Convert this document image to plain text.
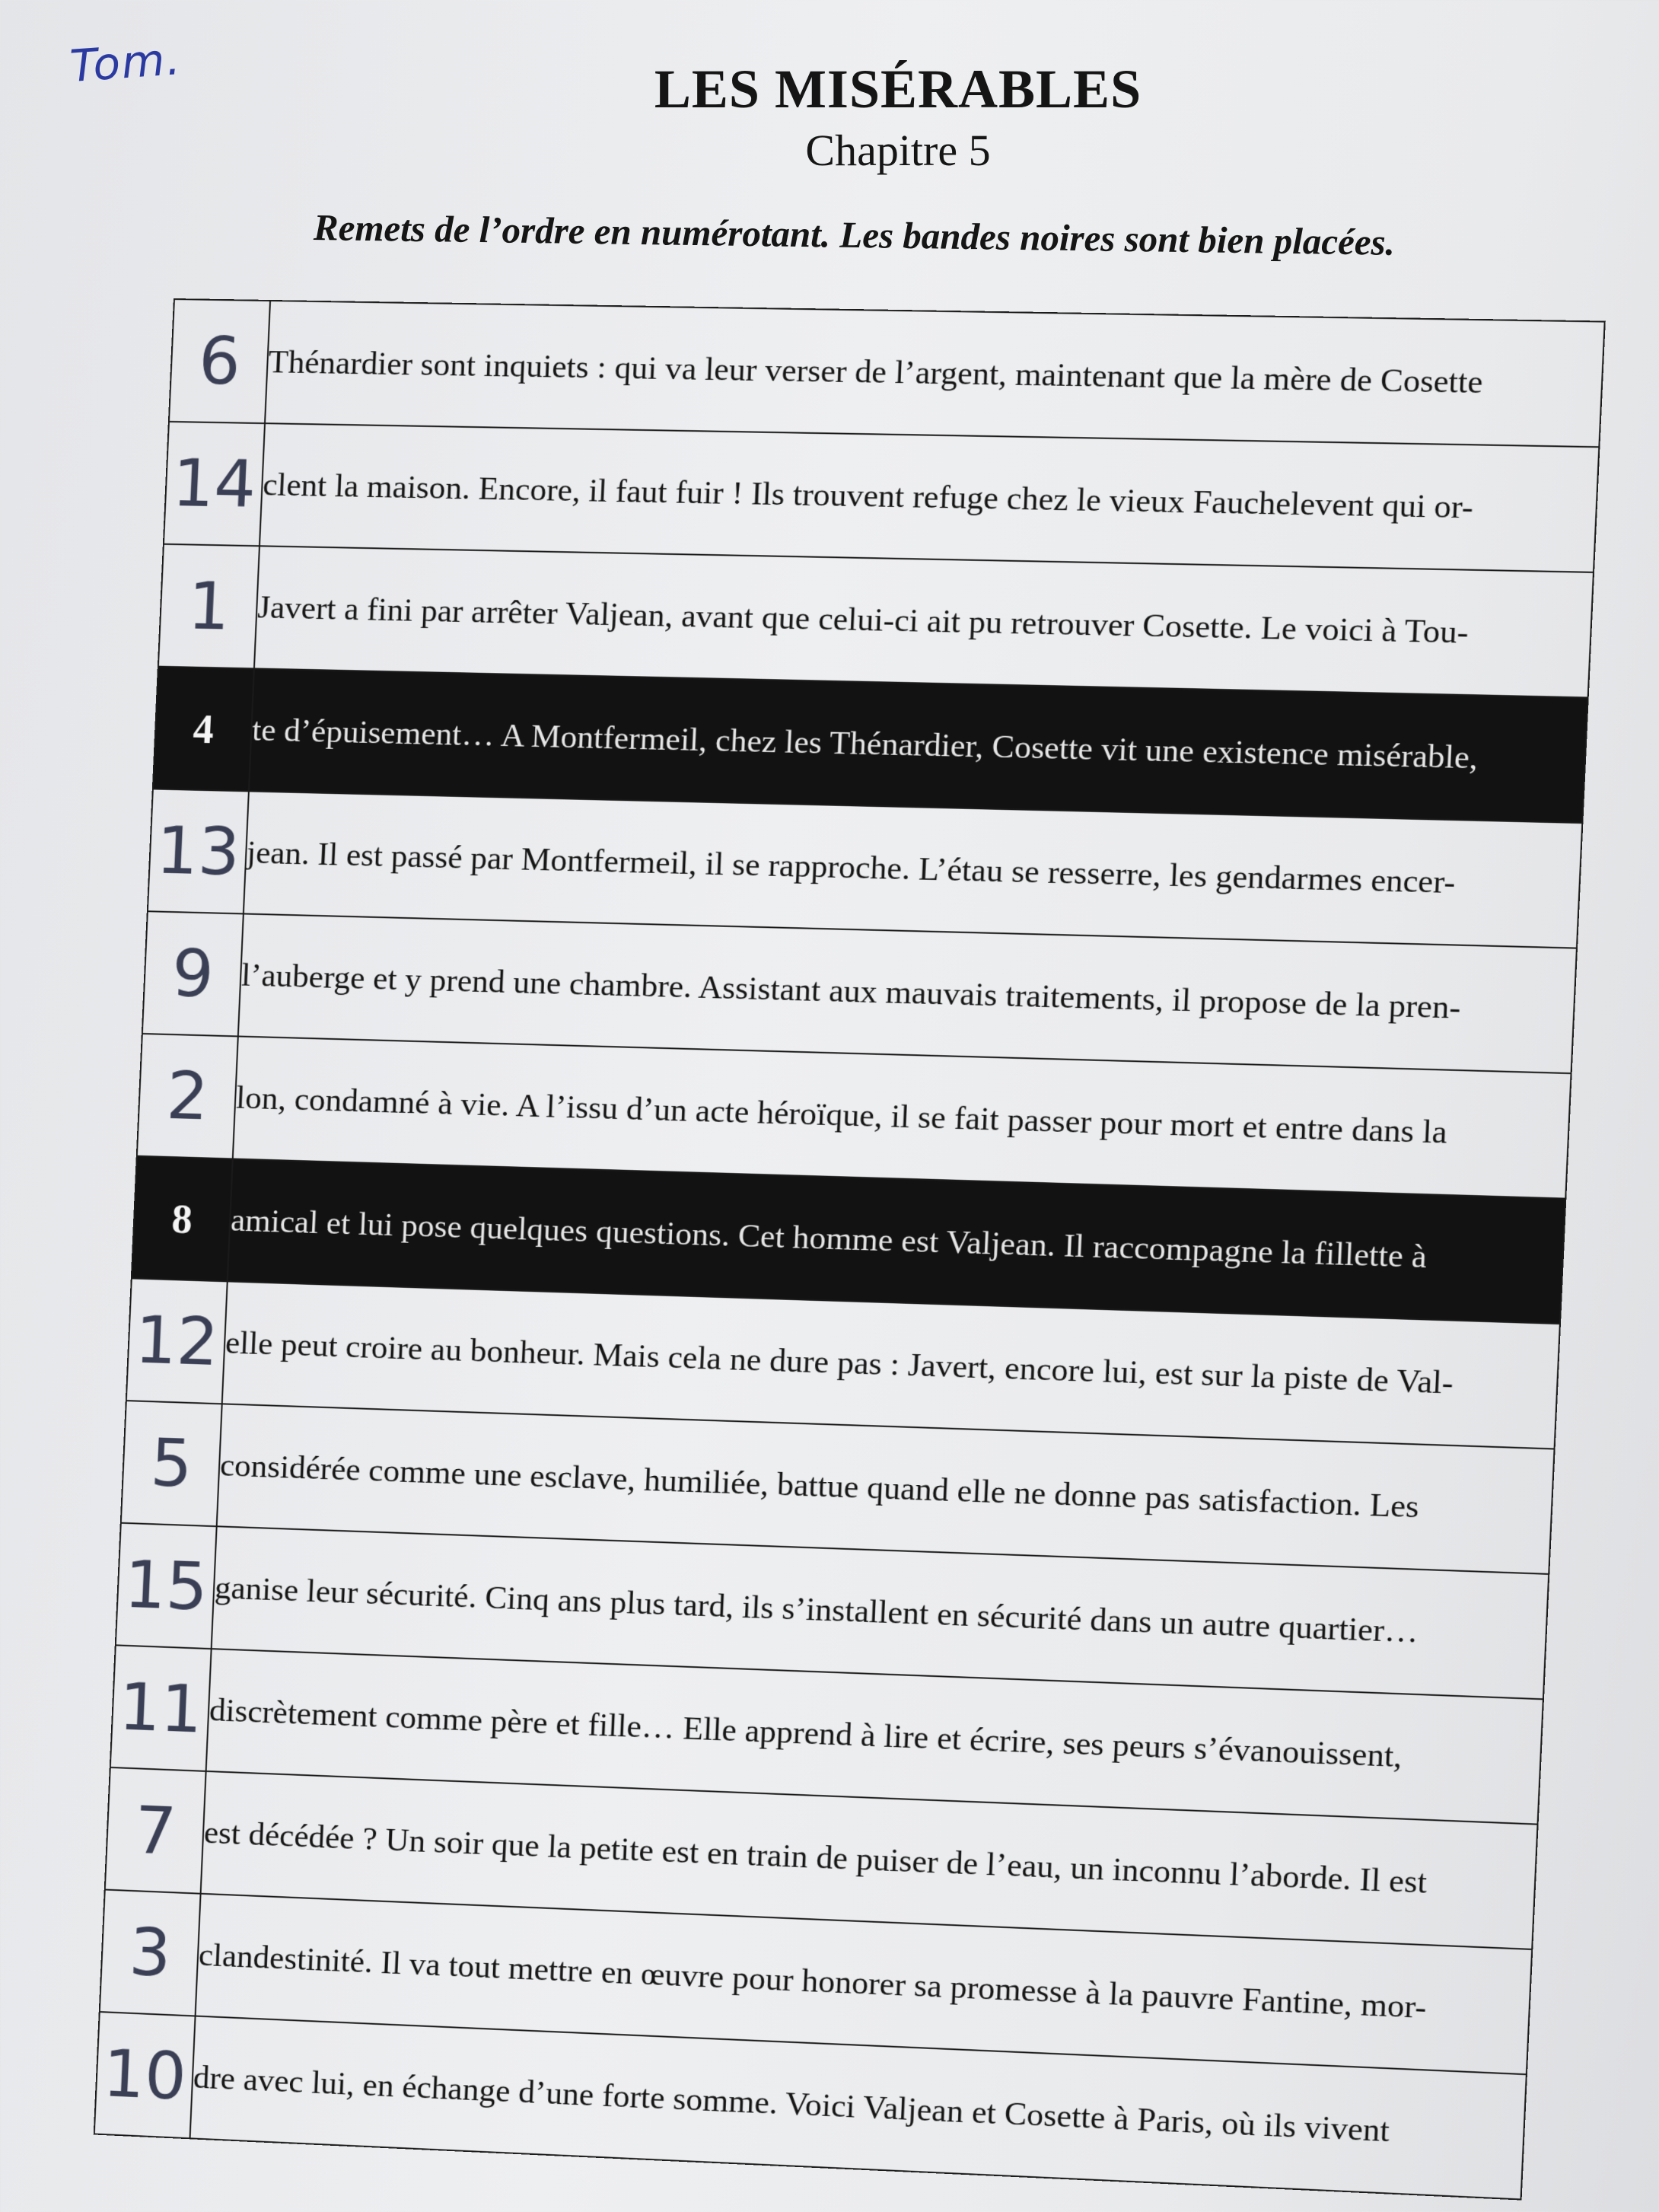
Tom.	LES MISÉRABLES
Chapitre 5
Remets de l’ordre en numérotant. Les bandes noires sont bien placées.
6	Thénardier sont inquiets : qui va leur verser de l’argent, maintenant que la mère de Cosette
14	clent la maison. Encore, il faut fuir ! Ils trouvent refuge chez le vieux Fauchelevent qui or-
1	Javert a fini par arrêter Valjean, avant que celui-ci ait pu retrouver Cosette. Le voici à Tou-
4	te d’épuisement… A Montfermeil, chez les Thénardier, Cosette vit une existence misérable,
13	jean. Il est passé par Montfermeil, il se rapproche. L’étau se resserre, les gendarmes encer-
9	l’auberge et y prend une chambre. Assistant aux mauvais traitements, il propose de la pren-
2	lon, condamné à vie. A l’issu d’un acte héroïque, il se fait passer pour mort et entre dans la
8	amical et lui pose quelques questions. Cet homme est Valjean. Il raccompagne la fillette à
12	elle peut croire au bonheur. Mais cela ne dure pas : Javert, encore lui, est sur la piste de Val-
5	considérée comme une esclave, humiliée, battue quand elle ne donne pas satisfaction. Les
15	ganise leur sécurité. Cinq ans plus tard, ils s’installent en sécurité dans un autre quartier…
11	discrètement comme père et fille… Elle apprend à lire et écrire, ses peurs s’évanouissent,
7	est décédée ? Un soir que la petite est en train de puiser de l’eau, un inconnu l’aborde. Il est
3	clandestinité. Il va tout mettre en œuvre pour honorer sa promesse à la pauvre Fantine, mor-
10	dre avec lui, en échange d’une forte somme. Voici Valjean et Cosette à Paris, où ils vivent
